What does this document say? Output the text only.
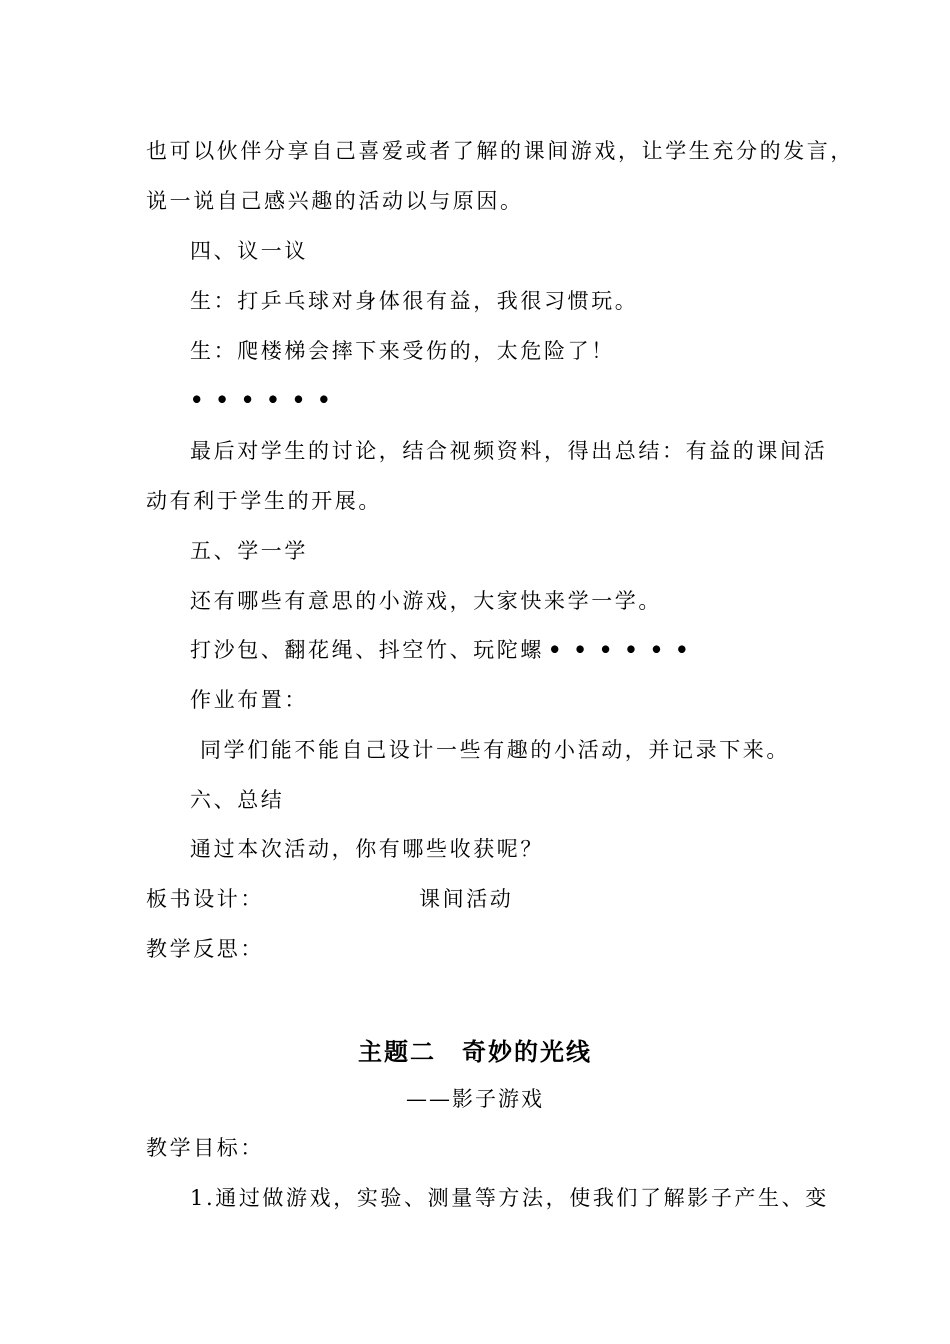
也可以伙伴分享自己喜爱或者了解的课间游戏，让学生充分的发言，
说一说自己感兴趣的活动以与原因。
四、议一议
生：打乒乓球对身体很有益，我很习惯玩。
生：爬楼梯会摔下来受伤的，太危险了！
••••••
最后对学生的讨论，结合视频资料，得出总结：有益的课间活
动有利于学生的开展。
五、学一学
还有哪些有意思的小游戏，大家快来学一学。
打沙包、翻花绳、抖空竹、玩陀螺 ••••••
作业布置：
同学们能不能自己设计一些有趣的小活动，并记录下来。
六、总结
通过本次活动，你有哪些收获呢？
板书设计：	课间活动
教学反思：
主题二　奇妙的光线
——影子游戏
教学目标：
1.通过做游戏，实验、测量等方法，使我们了解影子产生、变
